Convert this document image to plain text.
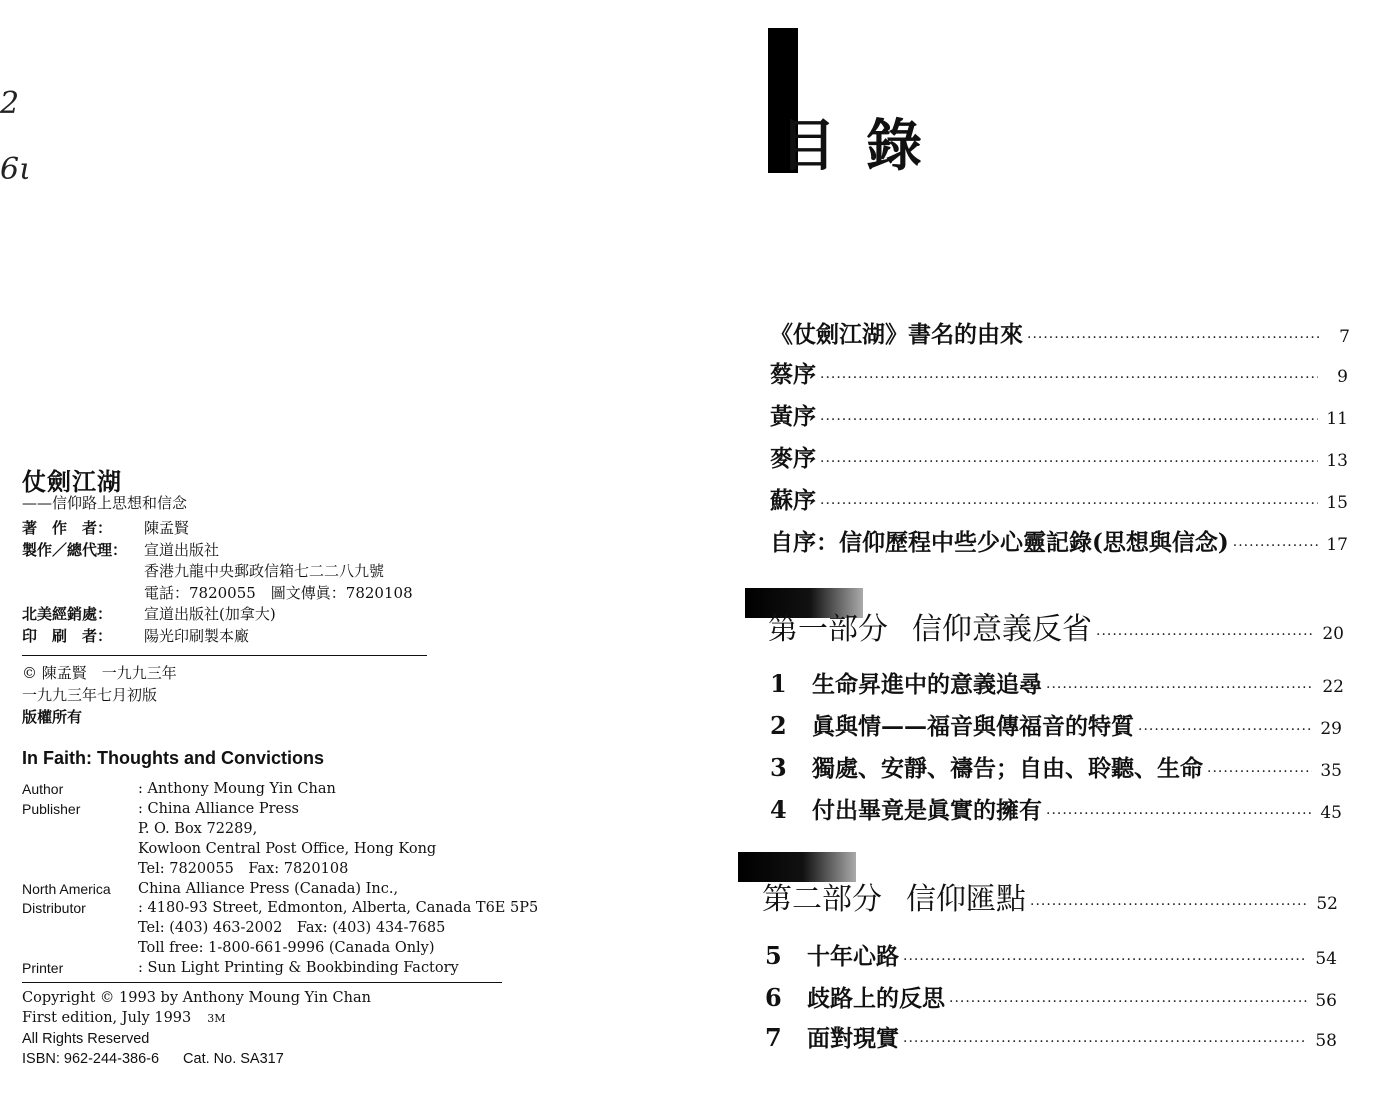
2
6ι
仗劍江湖
——信仰路上思想和信念
著　作　者：	陳孟賢
製作／總代理：	宣道出版社
香港九龍中央郵政信箱七二二八九號
電話：7820055　圖文傳眞：7820108
北美經銷處：	宣道出版社(加拿大)
印　刷　者：	陽光印刷製本廠
© 陳孟賢　一九九三年
一九九三年七月初版
版權所有
In Faith: Thoughts and Convictions
Author	: Anthony Moung Yin Chan
Publisher	: China Alliance Press
P. O. Box 72289,
Kowloon Central Post Office, Hong Kong
Tel: 7820055　Fax: 7820108
North America	China Alliance Press (Canada) Inc.,
Distributor	: 4180-93 Street, Edmonton, Alberta, Canada T6E 5P5
Tel: (403) 463-2002　Fax: (403) 434-7685
Toll free: 1-800-661-9996 (Canada Only)
Printer	: Sun Light Printing & Bookbinding Factory
Copyright © 1993 by Anthony Moung Yin Chan
First edition, July 1993 3M
All Rights Reserved
ISBN: 962-244-386-6 Cat. No. SA317
目錄
《仗劍江湖》書名的由來 ·····	7
蔡序 ·····	9
黃序 ·····	11
麥序 ·····	13
蘇序 ·····	15
自序：信仰歷程中些少心靈記錄(思想與信念) ·····	17
第一部分 信仰意義反省 ·····	20
1	生命昇進中的意義追尋 ·····	22
2	眞與情——福音與傳福音的特質 ·····	29
3	獨處、安靜、禱告；自由、聆聽、生命 ·····	35
4	付出畢竟是眞實的擁有 ·····	45
第二部分 信仰匯點 ·····	52
5	十年心路 ·····	54
6	歧路上的反思 ·····	56
7	面對現實 ·····	58
